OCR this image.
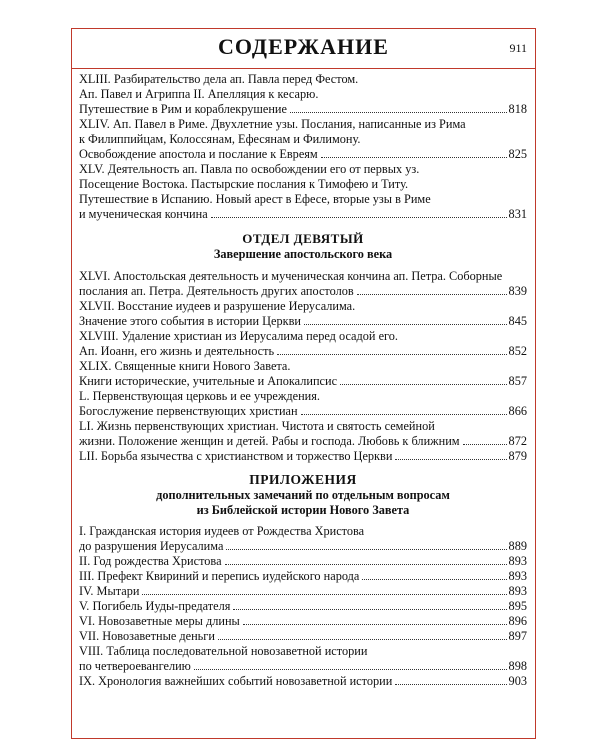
СОДЕРЖАНИЕ	911
XLIII. Разбирательство дела ап. Павла перед Фестом.
Ап. Павел и Агриппа II. Апелляция к кесарю.
Путешествие в Рим и кораблекрушение	818
XLIV. Ап. Павел в Риме. Двухлетние узы. Послания, написанные из Рима
к Филиппийцам, Колоссянам, Ефесянам и Филимону.
Освобождение апостола и послание к Евреям	825
XLV. Деятельность ап. Павла по освобождении его от первых уз.
Посещение Востока. Пастырские послания к Тимофею и Титу.
Путешествие в Испанию. Новый арест в Ефесе, вторые узы в Риме
и мученическая кончина	831
ОТДЕЛ ДЕВЯТЫЙ
Завершение апостольского века
XLVI. Апостольская деятельность и мученическая кончина ап. Петра. Соборные
послания ап. Петра. Деятельность других апостолов	839
XLVII. Восстание иудеев и разрушение Иерусалима.
Значение этого события в истории Церкви	845
XLVIII. Удаление христиан из Иерусалима перед осадой его.
Ап. Иоанн, его жизнь и деятельность	852
XLIX. Священные книги Нового Завета.
Книги исторические, учительные и Апокалипсис	857
L. Первенствующая церковь и ее учреждения.
Богослужение первенствующих христиан	866
LI. Жизнь первенствующих христиан. Чистота и святость семейной
жизни. Положение женщин и детей. Рабы и господа. Любовь к ближним	872
LII. Борьба язычества с христианством и торжество Церкви	879
ПРИЛОЖЕНИЯ
дополнительных замечаний по отдельным вопросам
из Библейской истории Нового Завета
I. Гражданская история иудеев от Рождества Христова
до разрушения Иерусалима	889
II. Год рождества Христова	893
III. Префект Квириний и перепись иудейского народа	893
IV. Мытари	893
V. Погибель Иуды-предателя	895
VI. Новозаветные меры длины	896
VII. Новозаветные деньги	897
VIII. Таблица последовательной новозаветной истории
по четвероевангелию	898
IX. Хронология важнейших событий новозаветной истории	903
